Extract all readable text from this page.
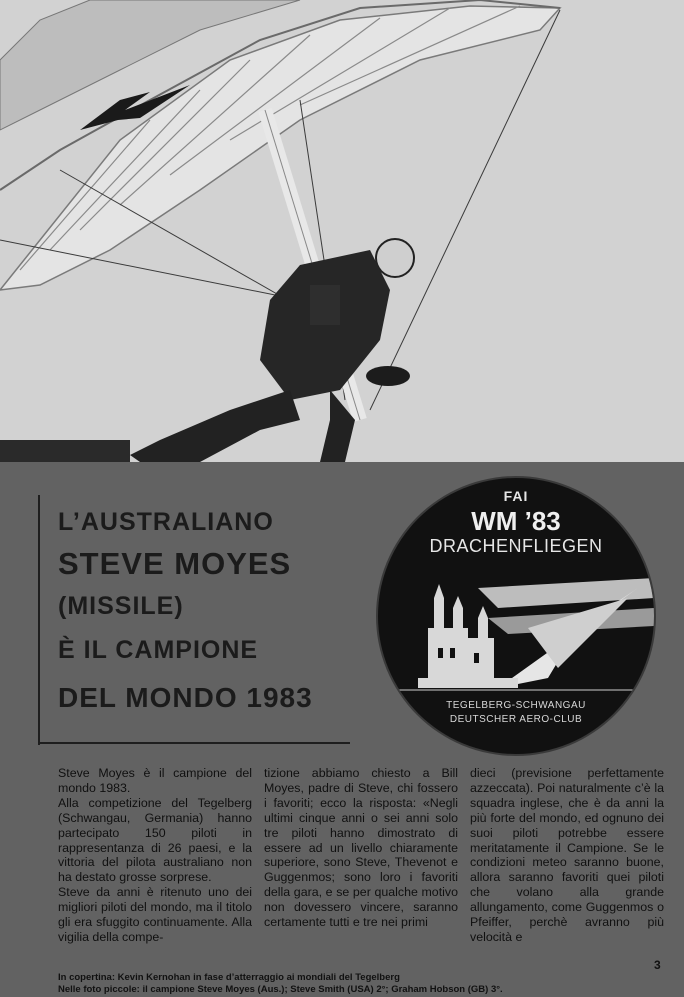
L’AUSTRALIANO
STEVE MOYES
(MISSILE)
È IL CAMPIONE
DEL MONDO 1983
FAI
WM ’83
DRACHENFLIEGEN
TEGELBERG-SCHWANGAU
DEUTSCHER AERO-CLUB

Steve Moyes è il campione del mondo 1983.

Alla competizione del Tegelberg (Schwangau, Germania) hanno partecipato 150 piloti in rappresentanza di 26 paesi, e la vittoria del pilota australiano non ha destato grosse sorprese.

Steve da anni è ritenuto uno dei migliori piloti del mondo, ma il titolo gli era sfuggito continuamente. Alla vigilia della compe-

tizione abbiamo chiesto a Bill Moyes, padre di Steve, chi fossero i favoriti; ecco la risposta: «Negli ultimi cinque anni o sei anni solo tre piloti hanno dimostrato di essere ad un livello chiaramente superiore, sono Steve, Thevenot e Guggenmos; sono loro i favoriti della gara, e se per qualche motivo non dovessero vincere, saranno certamente tutti e tre nei primi

dieci (previsione perfettamente azzeccata). Poi naturalmente c’è la squadra inglese, che è da anni la più forte del mondo, ed ognuno dei suoi piloti potrebbe essere meritatamente il Campione. Se le condizioni meteo saranno buone, allora saranno favoriti quei piloti che volano alla grande allungamento, come Guggenmos o Pfeiffer, perchè avranno più velocità e

3
In copertina: Kevin Kernohan in fase d’atterraggio ai mondiali del Tegelberg
Nelle foto piccole: il campione Steve Moyes (Aus.); Steve Smith (USA) 2°; Graham Hobson (GB) 3°.
